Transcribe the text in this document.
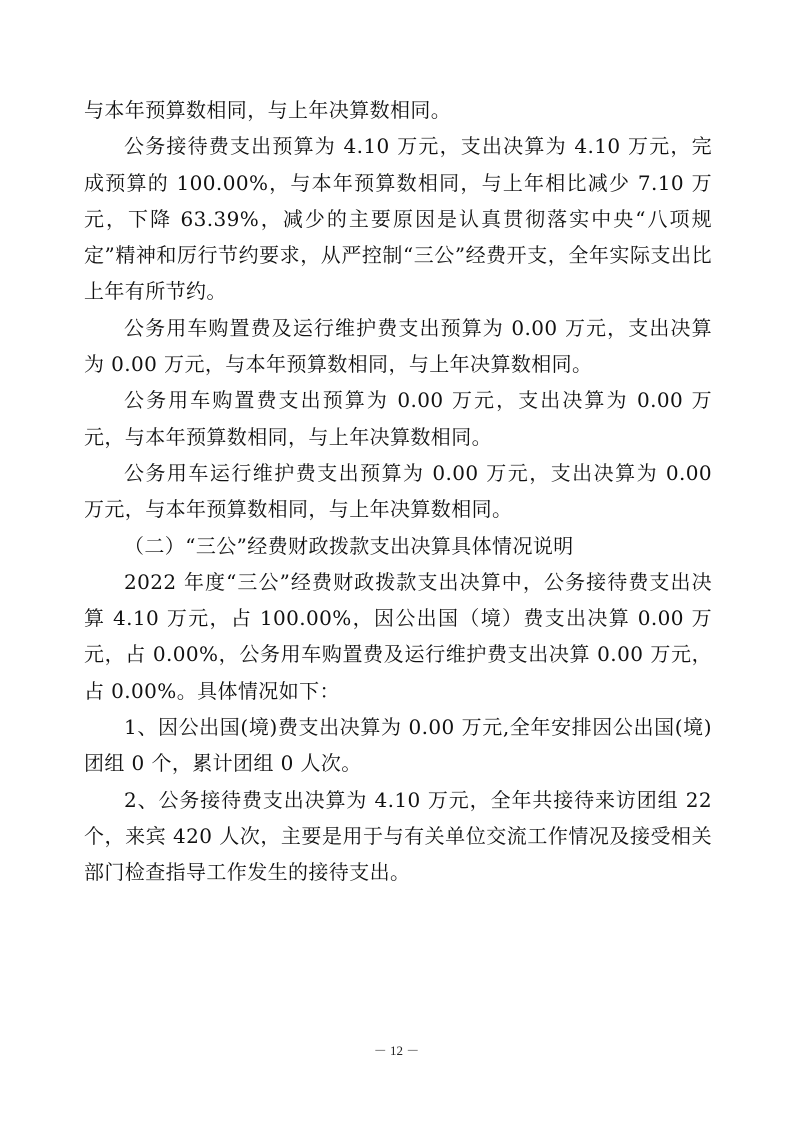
与本年预算数相同，与上年决算数相同。

公务接待费支出预算为 4.10 万元，支出决算为 4.10 万元，完成预算的 100.00%，与本年预算数相同，与上年相比减少 7.10 万元，下降 63.39%，减少的主要原因是认真贯彻落实中央“八项规定”精神和厉行节约要求，从严控制“三公”经费开支，全年实际支出比上年有所节约。

公务用车购置费及运行维护费支出预算为 0.00 万元，支出决算为 0.00 万元，与本年预算数相同，与上年决算数相同。

公务用车购置费支出预算为 0.00 万元，支出决算为 0.00 万元，与本年预算数相同，与上年决算数相同。

公务用车运行维护费支出预算为 0.00 万元，支出决算为 0.00 万元，与本年预算数相同，与上年决算数相同。

（二）“三公”经费财政拨款支出决算具体情况说明

2022 年度“三公”经费财政拨款支出决算中，公务接待费支出决算 4.10 万元，占 100.00%，因公出国（境）费支出决算 0.00 万元，占 0.00%，公务用车购置费及运行维护费支出决算 0.00 万元，占 0.00%。具体情况如下：

1、因公出国(境)费支出决算为 0.00 万元,全年安排因公出国(境)团组 0 个，累计团组 0 人次。

2、公务接待费支出决算为 4.10 万元，全年共接待来访团组 22 个，来宾 420 人次，主要是用于与有关单位交流工作情况及接受相关部门检查指导工作发生的接待支出。

－ 12 －
